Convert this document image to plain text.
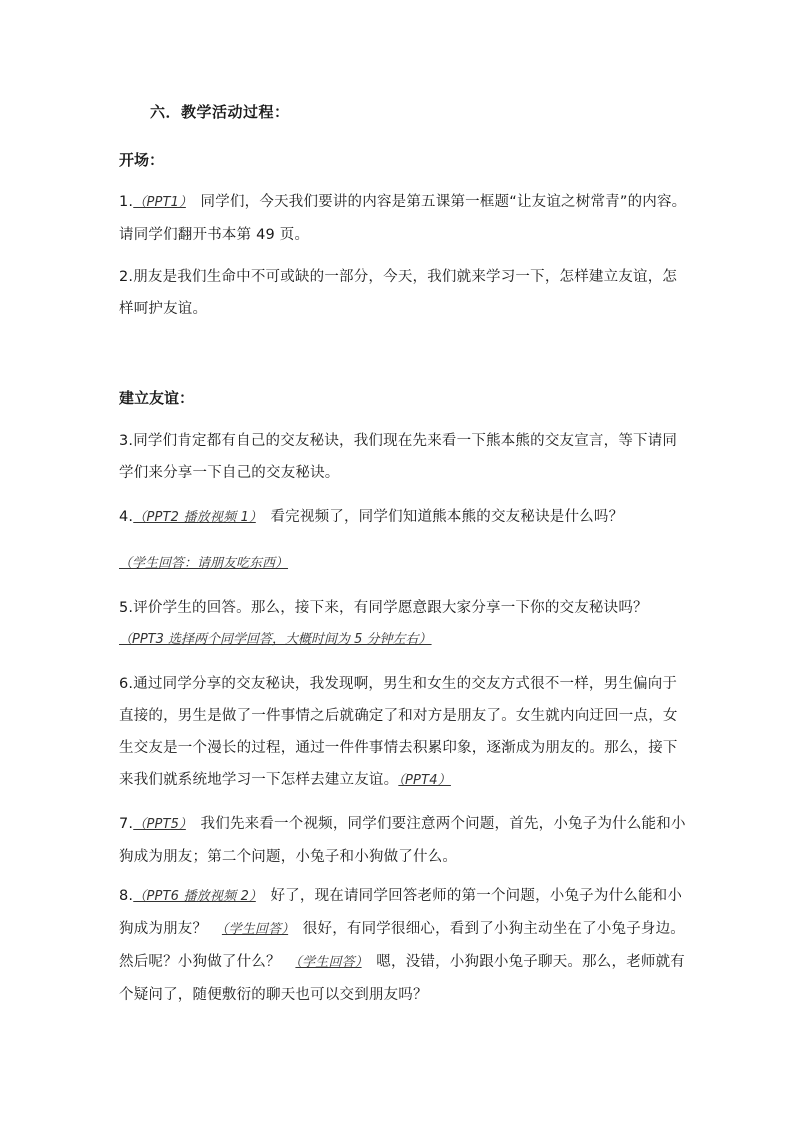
六．教学活动过程：
开场：
1.（PPT1）　同学们，今天我们要讲的内容是第五课第一框题“让友谊之树常青”的内容。请同学们翻开书本第 49 页。
2.朋友是我们生命中不可或缺的一部分，今天，我们就来学习一下，怎样建立友谊，怎样呵护友谊。
建立友谊：
3.同学们肯定都有自己的交友秘诀，我们现在先来看一下熊本熊的交友宣言，等下请同学们来分享一下自己的交友秘诀。
4.（PPT2 播放视频 1）　看完视频了，同学们知道熊本熊的交友秘诀是什么吗？
（学生回答：请朋友吃东西）
5.评价学生的回答。那么，接下来，有同学愿意跟大家分享一下你的交友秘诀吗？
（PPT3 选择两个同学回答，大概时间为 5 分钟左右）
6.通过同学分享的交友秘诀，我发现啊，男生和女生的交友方式很不一样，男生偏向于直接的，男生是做了一件事情之后就确定了和对方是朋友了。女生就内向迂回一点，女生交友是一个漫长的过程，通过一件件事情去积累印象，逐渐成为朋友的。那么，接下来我们就系统地学习一下怎样去建立友谊。（PPT4）
7.（PPT5）　我们先来看一个视频，同学们要注意两个问题，首先，小兔子为什么能和小狗成为朋友；第二个问题，小兔子和小狗做了什么。
8.（PPT6 播放视频 2）　好了，现在请同学回答老师的第一个问题，小兔子为什么能和小狗成为朋友？　（学生回答）　很好，有同学很细心，看到了小狗主动坐在了小兔子身边。然后呢？小狗做了什么？　（学生回答）　嗯，没错，小狗跟小兔子聊天。那么，老师就有个疑问了，随便敷衍的聊天也可以交到朋友吗？
